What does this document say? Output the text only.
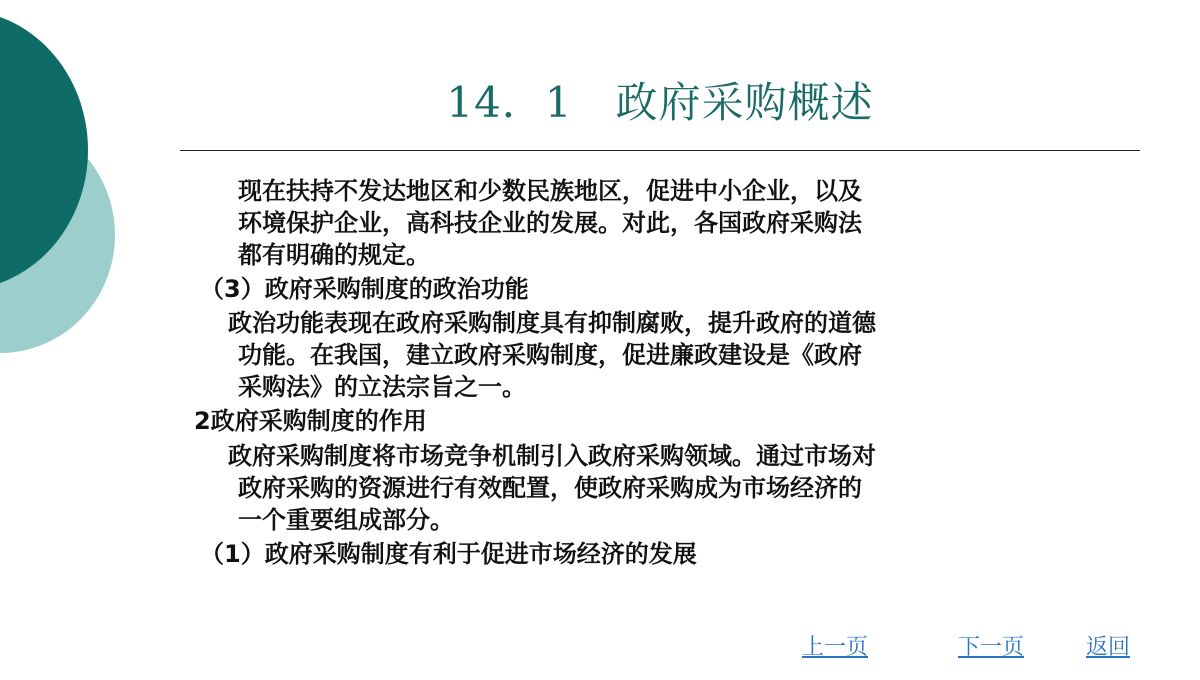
14．1　政府采购概述
现在扶持不发达地区和少数民族地区，促进中小企业，以及
环境保护企业，高科技企业的发展。对此，各国政府采购法
都有明确的规定。
（3）政府采购制度的政治功能
政治功能表现在政府采购制度具有抑制腐败，提升政府的道德
功能。在我国，建立政府采购制度，促进廉政建设是《政府
采购法》的立法宗旨之一。
2政府采购制度的作用
政府采购制度将市场竞争机制引入政府采购领域。通过市场对
政府采购的资源进行有效配置，使政府采购成为市场经济的
一个重要组成部分。
（1）政府采购制度有利于促进市场经济的发展
上一页	下一页	返回
